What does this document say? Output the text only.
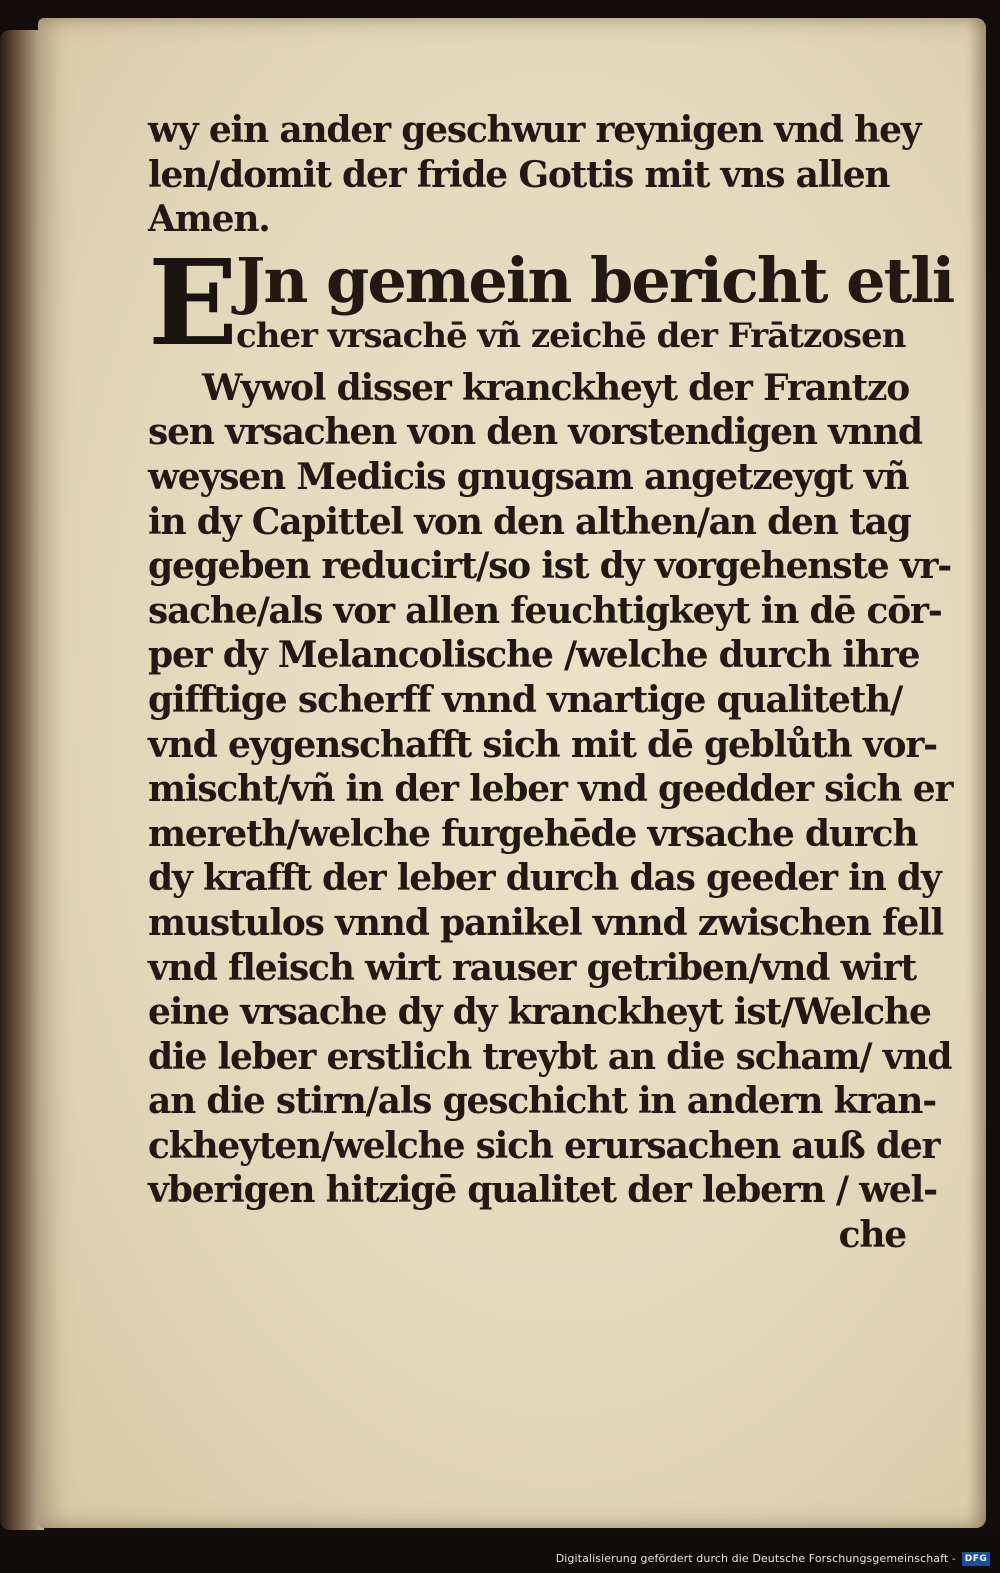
wy ein ander geschwur reynigen vnd hey
len/domit der fride Gottis mit vns allen
Amen.
E
Jn gemein bericht etli
cher vrsachē vñ zeichē der Frātzosen
Wywol disser kranckheyt der Frantzo
sen vrsachen von den vorstendigen vnnd
weysen Medicis gnugsam angetzeygt vñ
in dy Capittel von den althen/an den tag
gegeben reducirt/so ist dy vorgehenste vr-
sache/als vor allen feuchtigkeyt in dē cōr-
per dy Melancolische /welche durch ihre
gifftige scherff vnnd vnartige qualiteth/
vnd eygenschafft sich mit dē geblůth vor-
mischt/vñ in der leber vnd geedder sich er
mereth/welche furgehēde vrsache durch
dy krafft der leber durch das geeder in dy
mustulos vnnd panikel vnnd zwischen fell
vnd fleisch wirt rauser getriben/vnd wirt
eine vrsache dy dy kranckheyt ist/Welche
die leber erstlich treybt an die scham/ vnd
an die stirn/als geschicht in andern kran-
ckheyten/welche sich erursachen auß der
vberigen hitzigē qualitet der lebern / wel-
che
Digitalisierung gefördert durch die Deutsche Forschungsgemeinschaft - DFG
